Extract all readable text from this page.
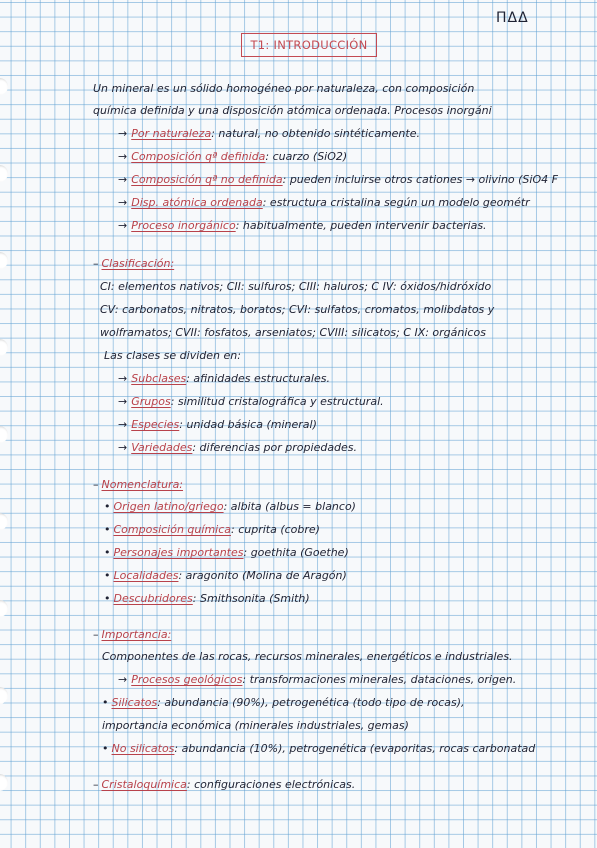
ΠΔΔ
T1: INTRODUCCIÓN
Un mineral es un sólido homogéneo por naturaleza, con composición
química definida y una disposición atómica ordenada. Procesos inorgáni
→ Por naturaleza: natural, no obtenido sintéticamente.
→ Composición qª definida: cuarzo (SiO2)
→ Composición qª no definida: pueden incluirse otros cationes → olivino (SiO4 F
→ Disp. atómica ordenada: estructura cristalina según un modelo geométr
→ Proceso inorgánico: habitualmente, pueden intervenir bacterias.
– Clasificación:
CI: elementos nativos; CII: sulfuros; CIII: haluros; C IV: óxidos/hidróxido
CV: carbonatos, nitratos, boratos; CVI: sulfatos, cromatos, molibdatos y
wolframatos; CVII: fosfatos, arseniatos; CVIII: silicatos; C IX: orgánicos
Las clases se dividen en:
→ Subclases: afinidades estructurales.
→ Grupos: similitud cristalográfica y estructural.
→ Especies: unidad básica (mineral)
→ Variedades: diferencias por propiedades.
– Nomenclatura:
• Origen latino/griego: albita (albus = blanco)
• Composición química: cuprita (cobre)
• Personajes importantes: goethita (Goethe)
• Localidades: aragonito (Molina de Aragón)
• Descubridores: Smithsonita (Smith)
– Importancia:
Componentes de las rocas, recursos minerales, energéticos e industriales.
→ Procesos geológicos: transformaciones minerales, dataciones, origen.
• Silicatos: abundancia (90%), petrogenética (todo tipo de rocas),
importancia económica (minerales industriales, gemas)
• No silicatos: abundancia (10%), petrogenética (evaporitas, rocas carbonatad
– Cristaloquímica: configuraciones electrónicas.
